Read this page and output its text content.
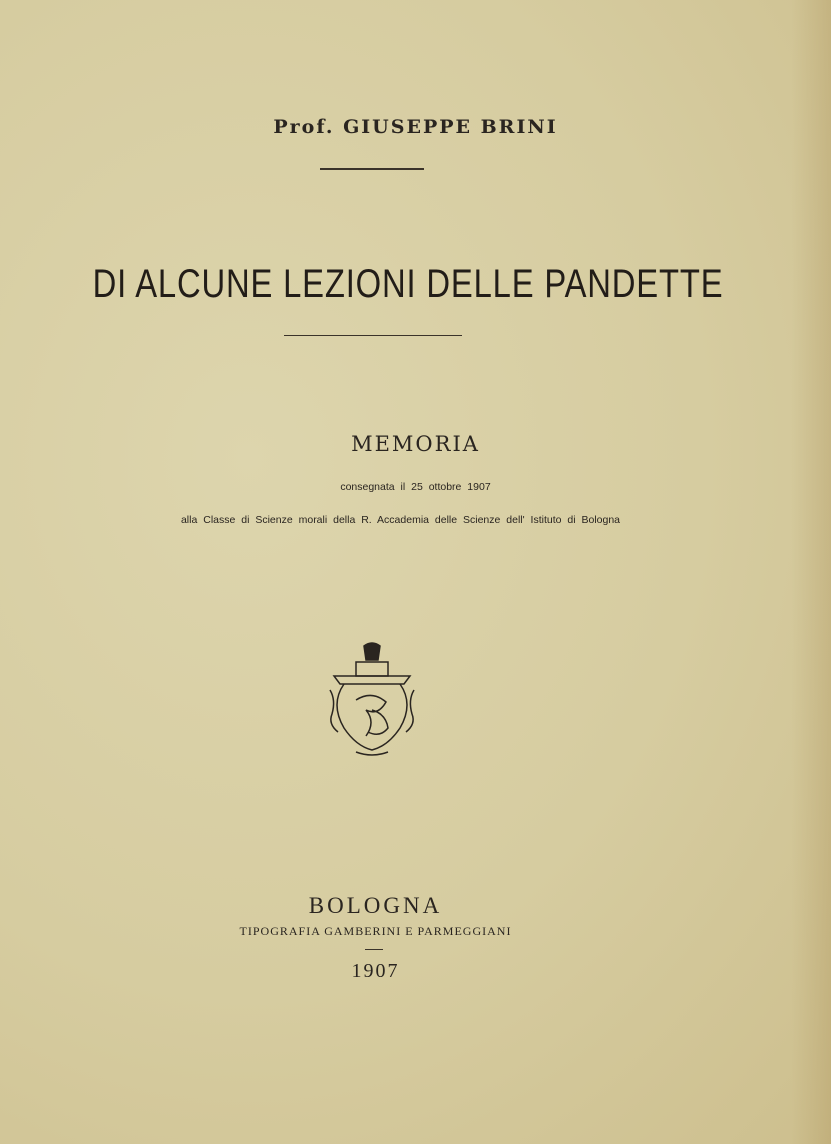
Prof. GIUSEPPE BRINI
DI ALCUNE LEZIONI DELLE PANDETTE
MEMORIA
consegnata il 25 ottobre 1907
alla Classe di Scienze morali della R. Accademia delle Scienze dell' Istituto di Bologna
BOLOGNA
TIPOGRAFIA GAMBERINI E PARMEGGIANI
1907
